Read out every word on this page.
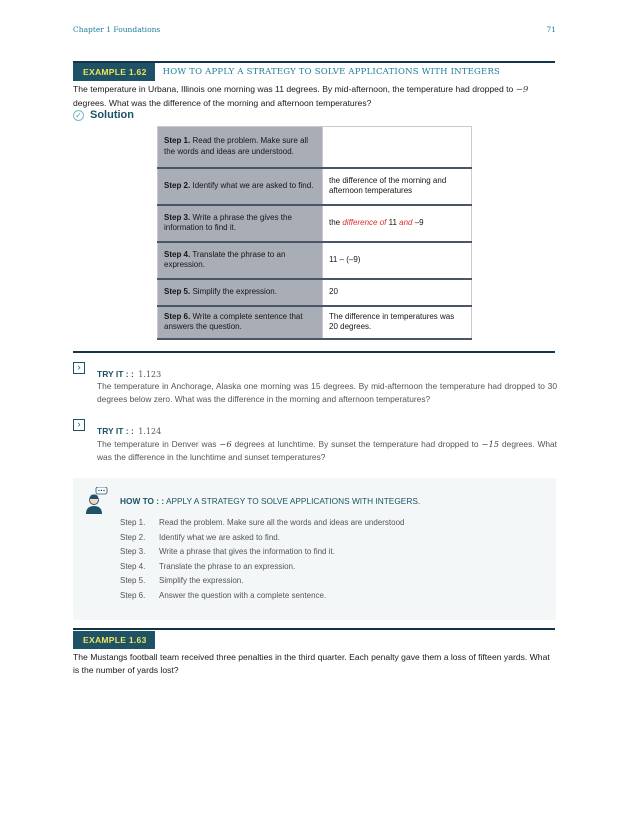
Chapter 1 Foundations	71
EXAMPLE 1.62	HOW TO APPLY A STRATEGY TO SOLVE APPLICATIONS WITH INTEGERS

The temperature in Urbana, Illinois one morning was 11 degrees. By mid-afternoon, the temperature had dropped to −9 degrees. What was the difference of the morning and afternoon temperatures?

✓ Solution
Step 1. Read the problem. Make sure all the words and ideas are understood.	
Step 2. Identify what we are asked to find.	the difference of the morning and afternoon temperatures
Step 3. Write a phrase the gives the information to find it.	the difference of 11 and –9
Step 4. Translate the phrase to an expression.	11 – (–9)
Step 5. Simplify the expression.	20
Step 6. Write a complete sentence that answers the question.	The difference in temperatures was 20 degrees.
›
TRY IT : : 1.123

The temperature in Anchorage, Alaska one morning was 15 degrees. By mid-afternoon the temperature had dropped to 30 degrees below zero. What was the difference in the morning and afternoon temperatures?

›
TRY IT : : 1.124

The temperature in Denver was −6 degrees at lunchtime. By sunset the temperature had dropped to −15 degrees. What was the difference in the lunchtime and sunset temperatures?

HOW TO : : APPLY A STRATEGY TO SOLVE APPLICATIONS WITH INTEGERS.
Step 1. Read the problem. Make sure all the words and ideas are understood
Step 2. Identify what we are asked to find.
Step 3. Write a phrase that gives the information to find it.
Step 4. Translate the phrase to an expression.
Step 5. Simplify the expression.
Step 6. Answer the question with a complete sentence.
EXAMPLE 1.63

The Mustangs football team received three penalties in the third quarter. Each penalty gave them a loss of fifteen yards. What is the number of yards lost?
